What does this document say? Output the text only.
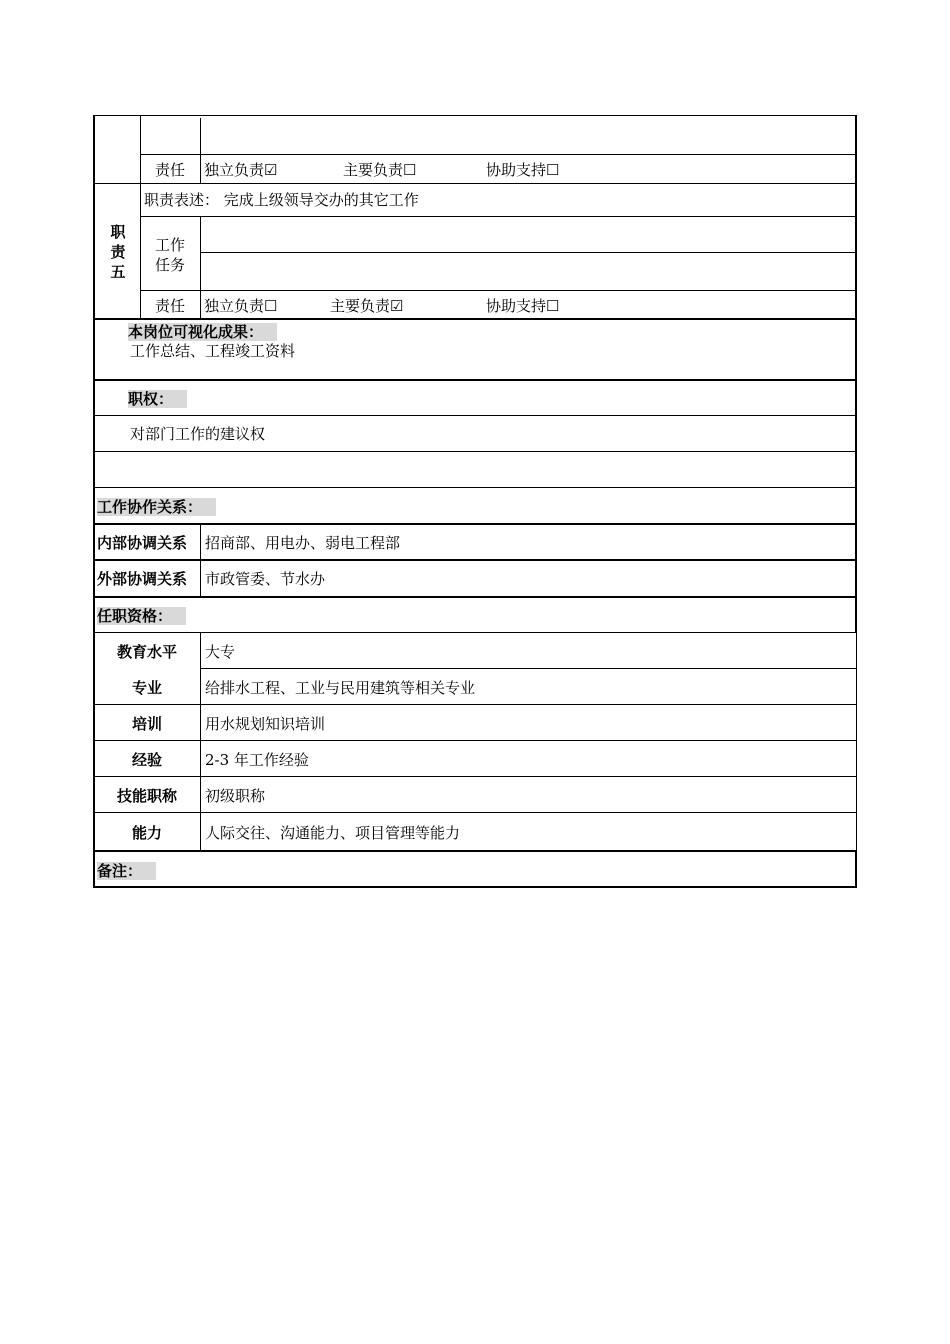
责任 独立负责☑	主要负责☐	协助支持☐
职
责
五
职责表述： 完成上级领导交办的其它工作
工作
任务
责任 独立负责☐	主要负责☑	协助支持☐
本岗位可视化成果：
工作总结、工程竣工资料
职权：
对部门工作的建议权
工作协作关系：
内部协调关系 招商部、用电办、弱电工程部
外部协调关系 市政管委、节水办
任职资格：
教育水平	大专
专业	给排水工程、工业与民用建筑等相关专业
培训	用水规划知识培训
经验	2-3 年工作经验
技能职称	初级职称
能力	人际交往、沟通能力、项目管理等能力
备注：
